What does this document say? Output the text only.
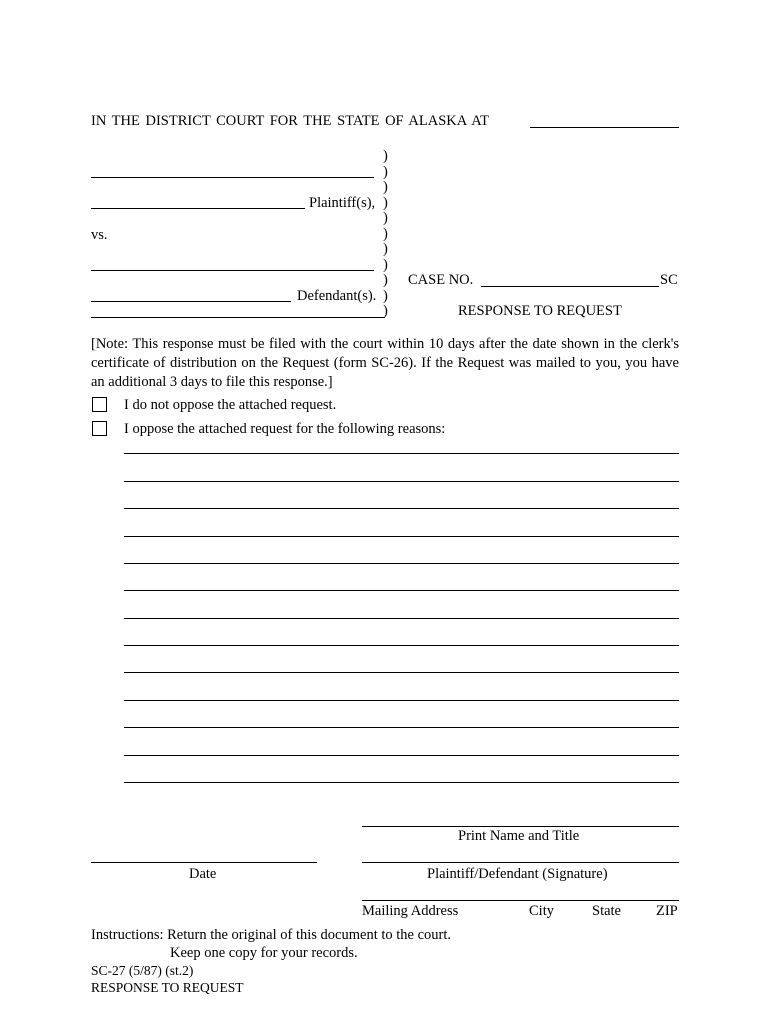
IN THE DISTRICT COURT FOR THE STATE OF ALASKA AT
Plaintiff(s),
vs.
Defendant(s).
)
)
)
)
)
)
)
)
)
)
)
CASE NO.	SC
RESPONSE TO REQUEST
[Note: This response must be filed with the court within 10 days after the date shown in the clerk's certificate of distribution on the Request (form SC-26). If the Request was mailed to you, you have an additional 3 days to file this response.]
I do not oppose the attached request.
I oppose the attached request for the following reasons:
Print Name and Title
Date	Plaintiff/Defendant (Signature)
Mailing Address	City	State ZIP
Instructions: Return the original of this document to the court.
Keep one copy for your records.
SC-27 (5/87) (st.2)
RESPONSE TO REQUEST
